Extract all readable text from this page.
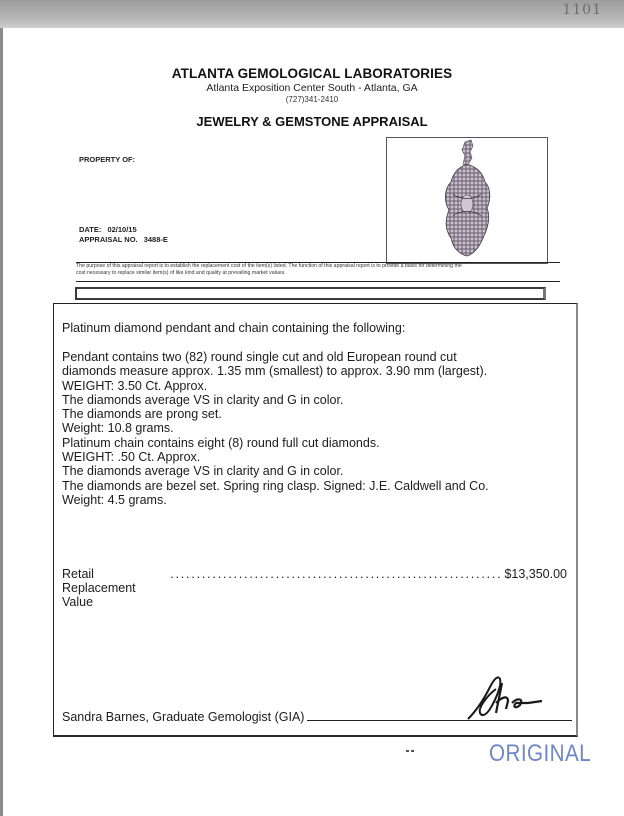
1101
ATLANTA GEMOLOGICAL LABORATORIES
Atlanta Exposition Center South - Atlanta, GA
(727)341-2410
JEWELRY & GEMSTONE APPRAISAL
PROPERTY OF:
DATE: 02/10/15
APPRAISAL NO. 3488-E
The purpose of this appraisal report is to establish the replacement cost of the item(s) listed. The function of this appraisal report is to provide a basis for determining the
cost necessary to replace similar item(s) of like kind and quality at prevailing market values.
Platinum diamond pendant and chain containing the following:
Pendant contains two (82) round single cut and old European round cut
diamonds measure approx. 1.35 mm (smallest) to approx. 3.90 mm (largest).
WEIGHT: 3.50 Ct. Approx.
The diamonds average VS in clarity and G in color.
The diamonds are prong set.
Weight: 10.8 grams.
Platinum chain contains eight (8) round full cut diamonds.
WEIGHT: .50 Ct. Approx.
The diamonds average VS in clarity and G in color.
The diamonds are bezel set. Spring ring clasp. Signed: J.E. Caldwell and Co.
Weight: 4.5 grams.
Retail Replacement Value
............................................................... $13,350.00
Sandra Barnes, Graduate Gemologist (GIA)
ORIGINAL
